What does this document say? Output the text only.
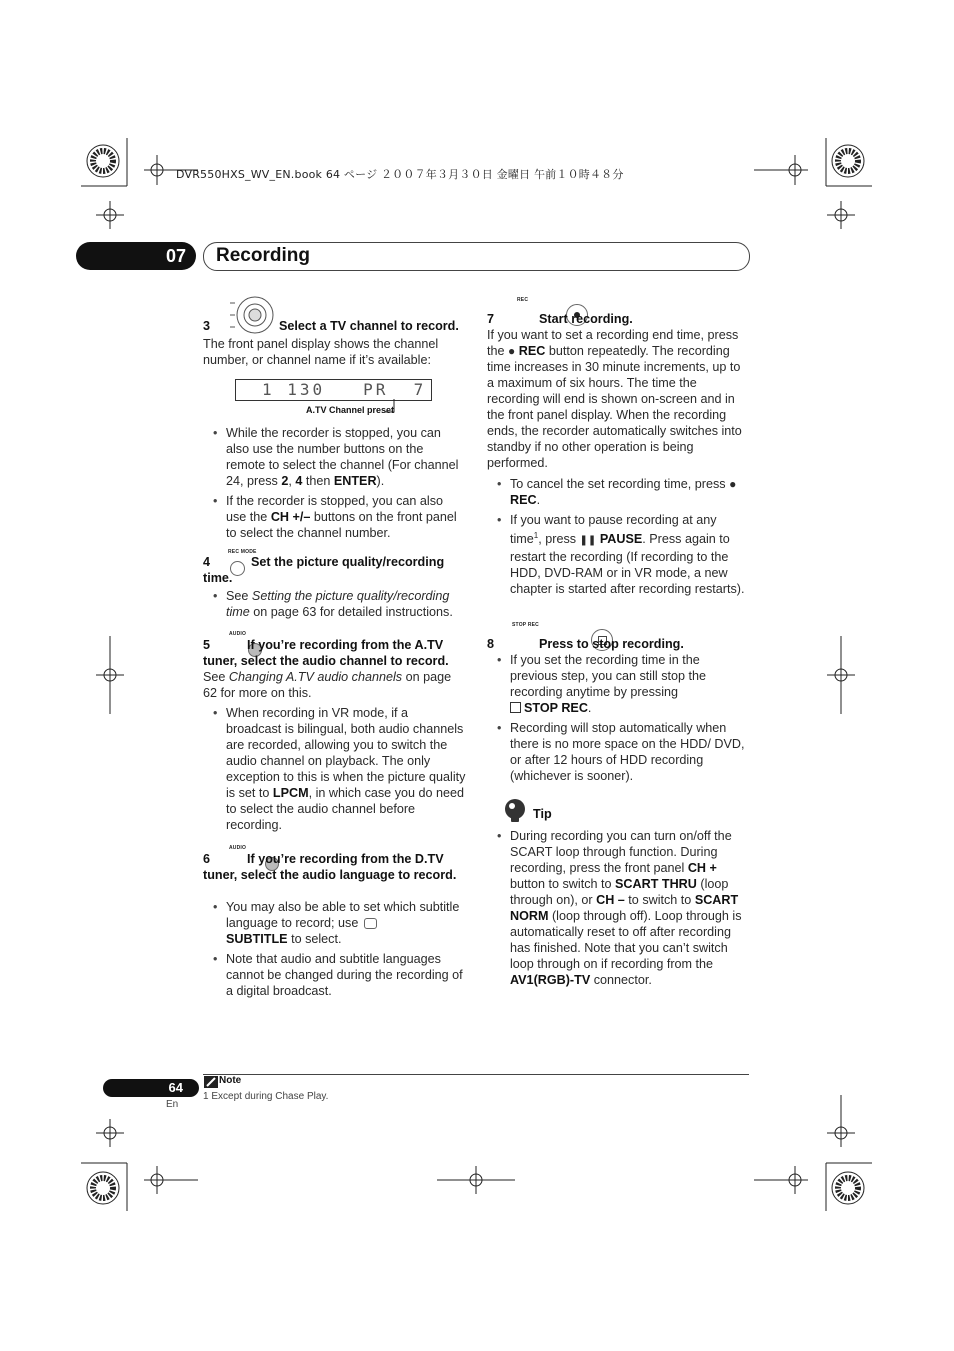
DVR550HXS_WV_EN.book 64 ページ ２００７年３月３０日 金曜日 午前１０時４８分
07 Recording
3	Select a TV channel to record.
The front panel display shows the channel number, or channel name if it’s available:
1 130   PR  7
A.TV Channel preset
• While the recorder is stopped, you can also use the number buttons on the remote to select the channel (For channel 24, press 2, 4 then ENTER).
• If the recorder is stopped, you can also use the CH +/– buttons on the front panel to select the channel number.
REC MODE

4	Set the picture quality/recording
time.
• See Setting the picture quality/recording time on page 63 for detailed instructions.
AUDIO

5	If you’re recording from the A.TV
tuner, select the audio channel to record.
See Changing A.TV audio channels on page 62 for more on this.
• When recording in VR mode, if a broadcast is bilingual, both audio channels are recorded, allowing you to switch the audio channel on playback. The only exception to this is when the picture quality is set to LPCM, in which case you do need to select the audio channel before recording.
AUDIO

6	If you’re recording from the D.TV
tuner, select the audio language to record.
• You may also be able to set which subtitle language to record; use
SUBTITLE to select.
• Note that audio and subtitle languages cannot be changed during the recording of a digital broadcast.
REC

7	Start recording.
If you want to set a recording end time, press the ● REC button repeatedly. The recording time increases in 30 minute increments, up to a maximum of six hours. The time the recording will end is shown on-screen and in the front panel display. When the recording ends, the recorder automatically switches into standby if no other operation is being performed.
• To cancel the set recording time, press ● REC.
• If you want to pause recording at any time$^1$, press ❚❚ PAUSE. Press again to restart the recording (If recording to the HDD, DVD-RAM or in VR mode, a new chapter is started after recording restarts).
STOP REC
8	Press to stop recording.
• If you set the recording time in the previous step, you can still stop the recording anytime by pressing
STOP REC.
• Recording will stop automatically when there is no more space on the HDD/ DVD, or after 12 hours of HDD recording (whichever is sooner).
Tip
• During recording you can turn on/off the SCART loop through function. During recording, press the front panel CH + button to switch to SCART THRU (loop through on), or CH – to switch to SCART NORM (loop through off). Loop through is automatically reset to off after recording has finished. Note that you can’t switch loop through on if recording from the AV1(RGB)-TV connector.
Note
1 Except during Chase Play.
64
En
